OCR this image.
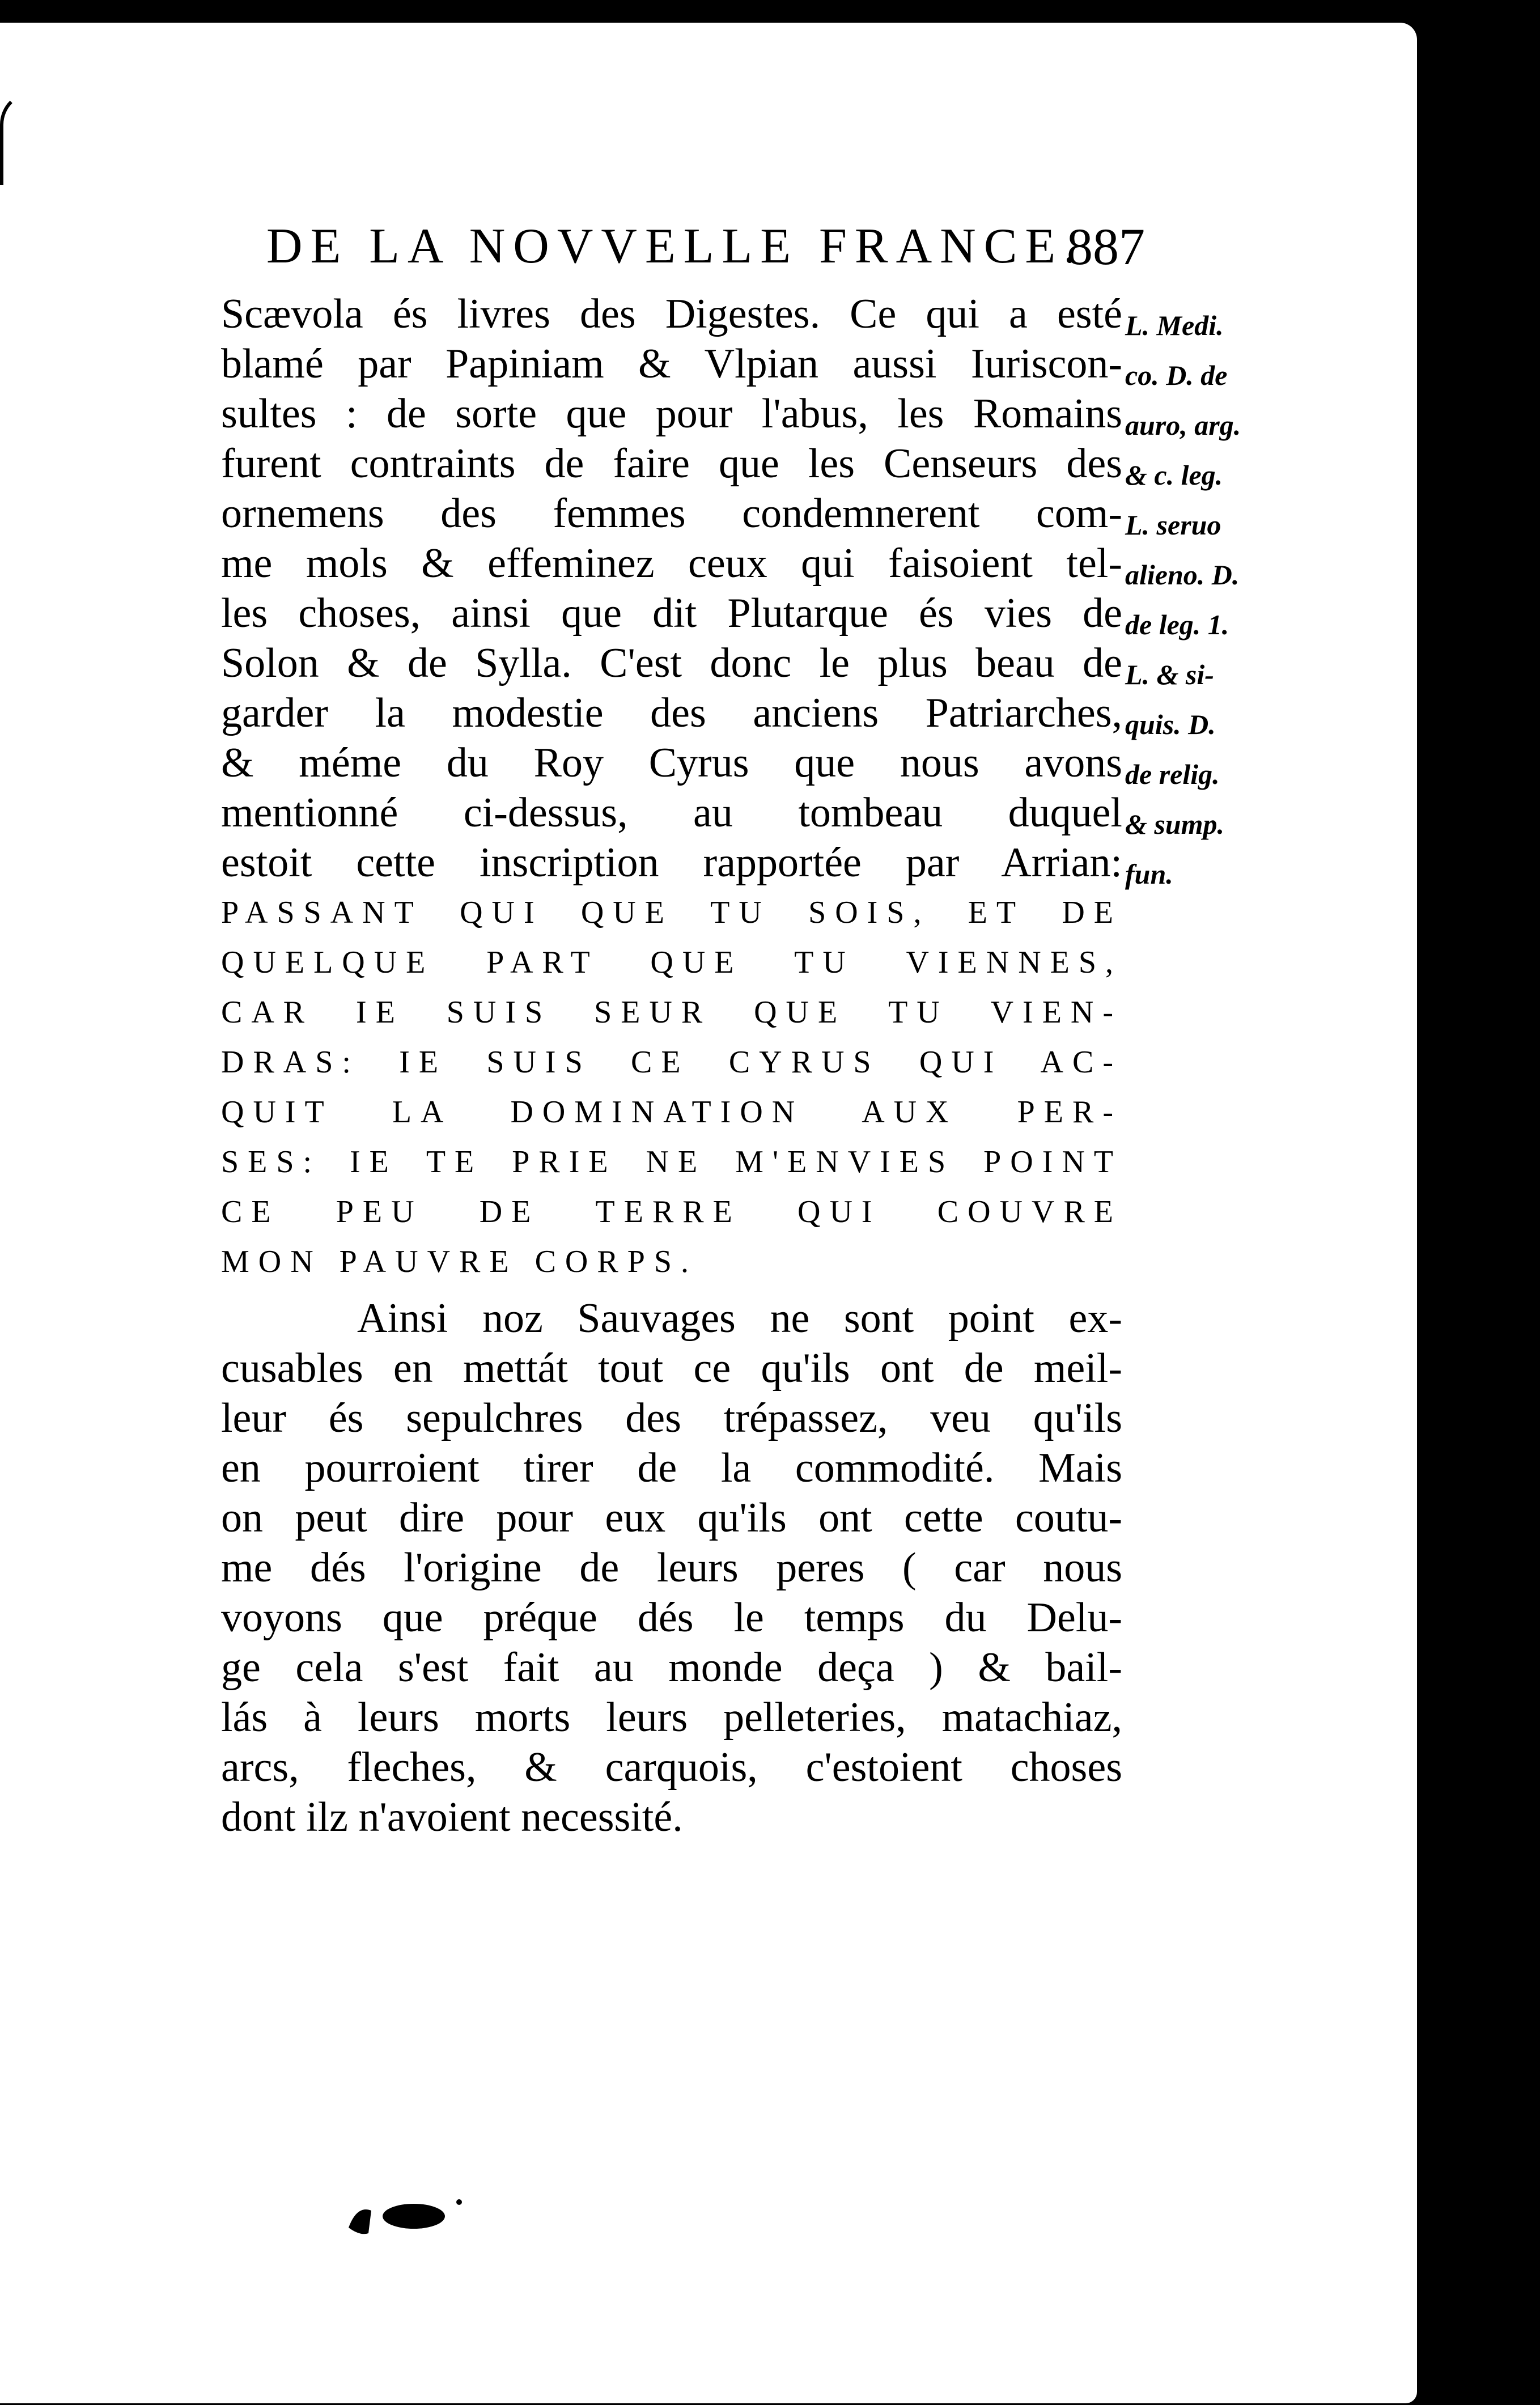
DE LA NOVVELLE FRANCE.
887
Scævola és livres des Digestes. Ce qui a esté
blamé par Papiniam & Vlpian aussi Iuriscon-
sultes : de sorte que pour l'abus, les Romains
furent contraints de faire que les Censeurs des
ornemens des femmes condemnerent com-
me mols & effeminez ceux qui faisoient tel-
les choses, ainsi que dit Plutarque és vies de
Solon & de Sylla. C'est donc le plus beau de
garder la modestie des anciens Patriarches,
& méme du Roy Cyrus que nous avons
mentionné ci-dessus, au tombeau duquel
estoit cette inscription rapportée par Arrian:
PASSANT QUI QUE TU SOIS, ET DE
QUELQUE PART QUE TU VIENNES,
CAR IE SUIS SEUR QUE TU VIEN-
DRAS: IE SUIS CE CYRUS QUI AC-
QUIT LA DOMINATION AUX PER-
SES: IE TE PRIE NE M'ENVIES POINT
CE PEU DE TERRE QUI COUVRE
MON PAUVRE CORPS.
Ainsi noz Sauvages ne sont point ex-
cusables en mettát tout ce qu'ils ont de meil-
leur és sepulchres des trépassez, veu qu'ils
en pourroient tirer de la commodité. Mais
on peut dire pour eux qu'ils ont cette coutu-
me dés l'origine de leurs peres ( car nous
voyons que préque dés le temps du Delu-
ge cela s'est fait au monde deça ) & bail-
lás à leurs morts leurs pelleteries, matachiaz,
arcs, fleches, & carquois, c'estoient choses
dont ilz n'avoient necessité.
L. Medi.
co. D. de
auro, arg.
& c. leg.
L. seruo
alieno. D.
de leg. 1.
L. & si-
quis. D.
de relig.
& sump.
fun.
